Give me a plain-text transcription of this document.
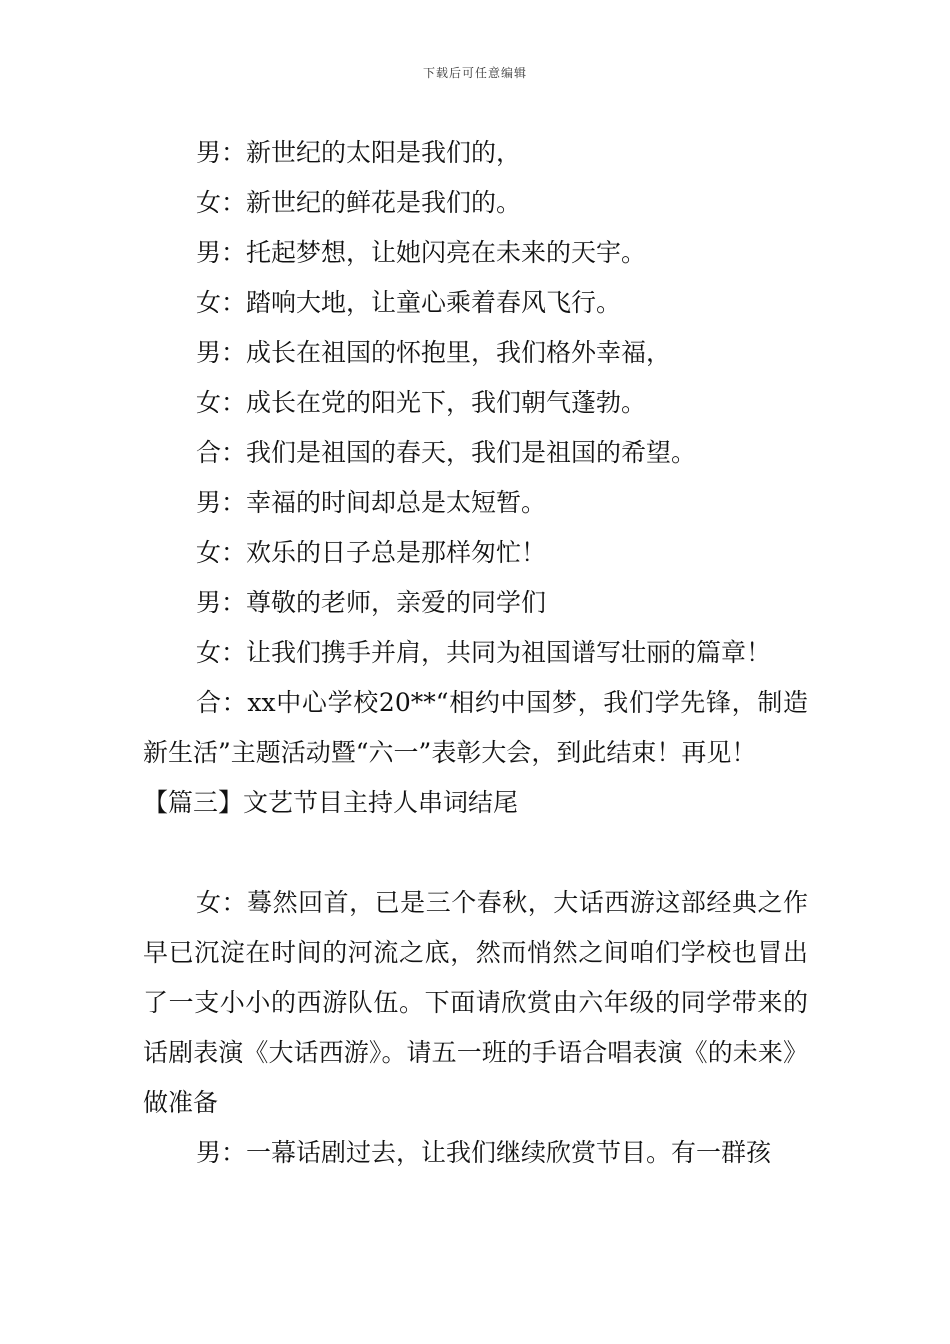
下载后可任意编辑

男：新世纪的太阳是我们的，

女：新世纪的鲜花是我们的。

男：托起梦想，让她闪亮在未来的天宇。

女：踏响大地，让童心乘着春风飞行。

男：成长在祖国的怀抱里，我们格外幸福，

女：成长在党的阳光下，我们朝气蓬勃。

合：我们是祖国的春天，我们是祖国的希望。

男：幸福的时间却总是太短暂。

女：欢乐的日子总是那样匆忙！

男：尊敬的老师，亲爱的同学们

女：让我们携手并肩，共同为祖国谱写壮丽的篇章！

合：xx中心学校20**“相约中国梦，我们学先锋，制造新生活”主题活动暨“六一”表彰大会，到此结束！再见！

【篇三】文艺节目主持人串词结尾

女：蓦然回首，已是三个春秋，大话西游这部经典之作早已沉淀在时间的河流之底，然而悄然之间咱们学校也冒出了一支小小的西游队伍。下面请欣赏由六年级的同学带来的话剧表演《大话西游》。请五一班的手语合唱表演《的未来》做准备

男：一幕话剧过去，让我们继续欣赏节目。有一群孩
